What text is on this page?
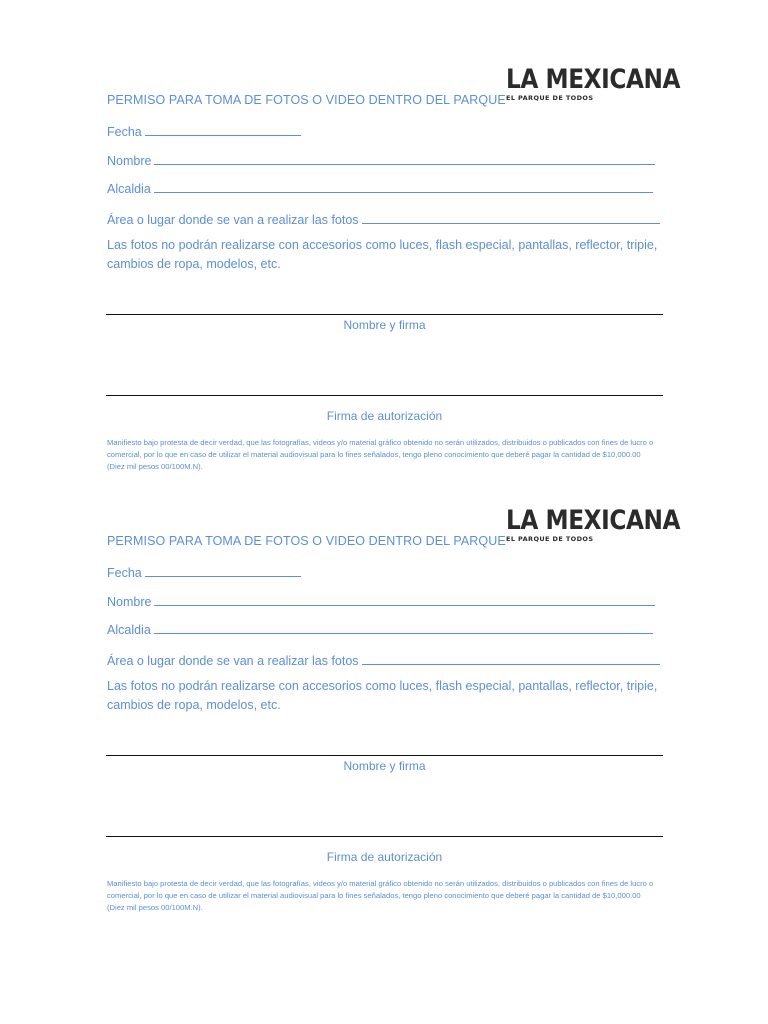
PERMISO PARA TOMA DE FOTOS O VIDEO DENTRO DEL PARQUE
LA MEXICANA
EL PARQUE DE TODOS
Fecha
Nombre
Alcaldia
Área o lugar donde se van a realizar las fotos
Las fotos no podrán realizarse con accesorios como luces, flash especial, pantallas, reflector, tripie, cambios de ropa, modelos, etc.
Nombre y firma
Firma de autorización
Manifiesto bajo protesta de decir verdad, que las fotografías, videos y/o material gráfico obtenido no serán utilizados, distribuidos o publicados con fines de lucro o comercial, por lo que en caso de utilizar el material audiovisual para lo fines señalados, tengo pleno conocimiento que deberé pagar la cantidad de $10,000.00 (Diez mil pesos 00/100M.N).
PERMISO PARA TOMA DE FOTOS O VIDEO DENTRO DEL PARQUE
LA MEXICANA
EL PARQUE DE TODOS
Fecha
Nombre
Alcaldia
Área o lugar donde se van a realizar las fotos
Las fotos no podrán realizarse con accesorios como luces, flash especial, pantallas, reflector, tripie, cambios de ropa, modelos, etc.
Nombre y firma
Firma de autorización
Manifiesto bajo protesta de decir verdad, que las fotografías, videos y/o material gráfico obtenido no serán utilizados, distribuidos o publicados con fines de lucro o comercial, por lo que en caso de utilizar el material audiovisual para lo fines señalados, tengo pleno conocimiento que deberé pagar la cantidad de $10,000.00 (Diez mil pesos 00/100M.N).
